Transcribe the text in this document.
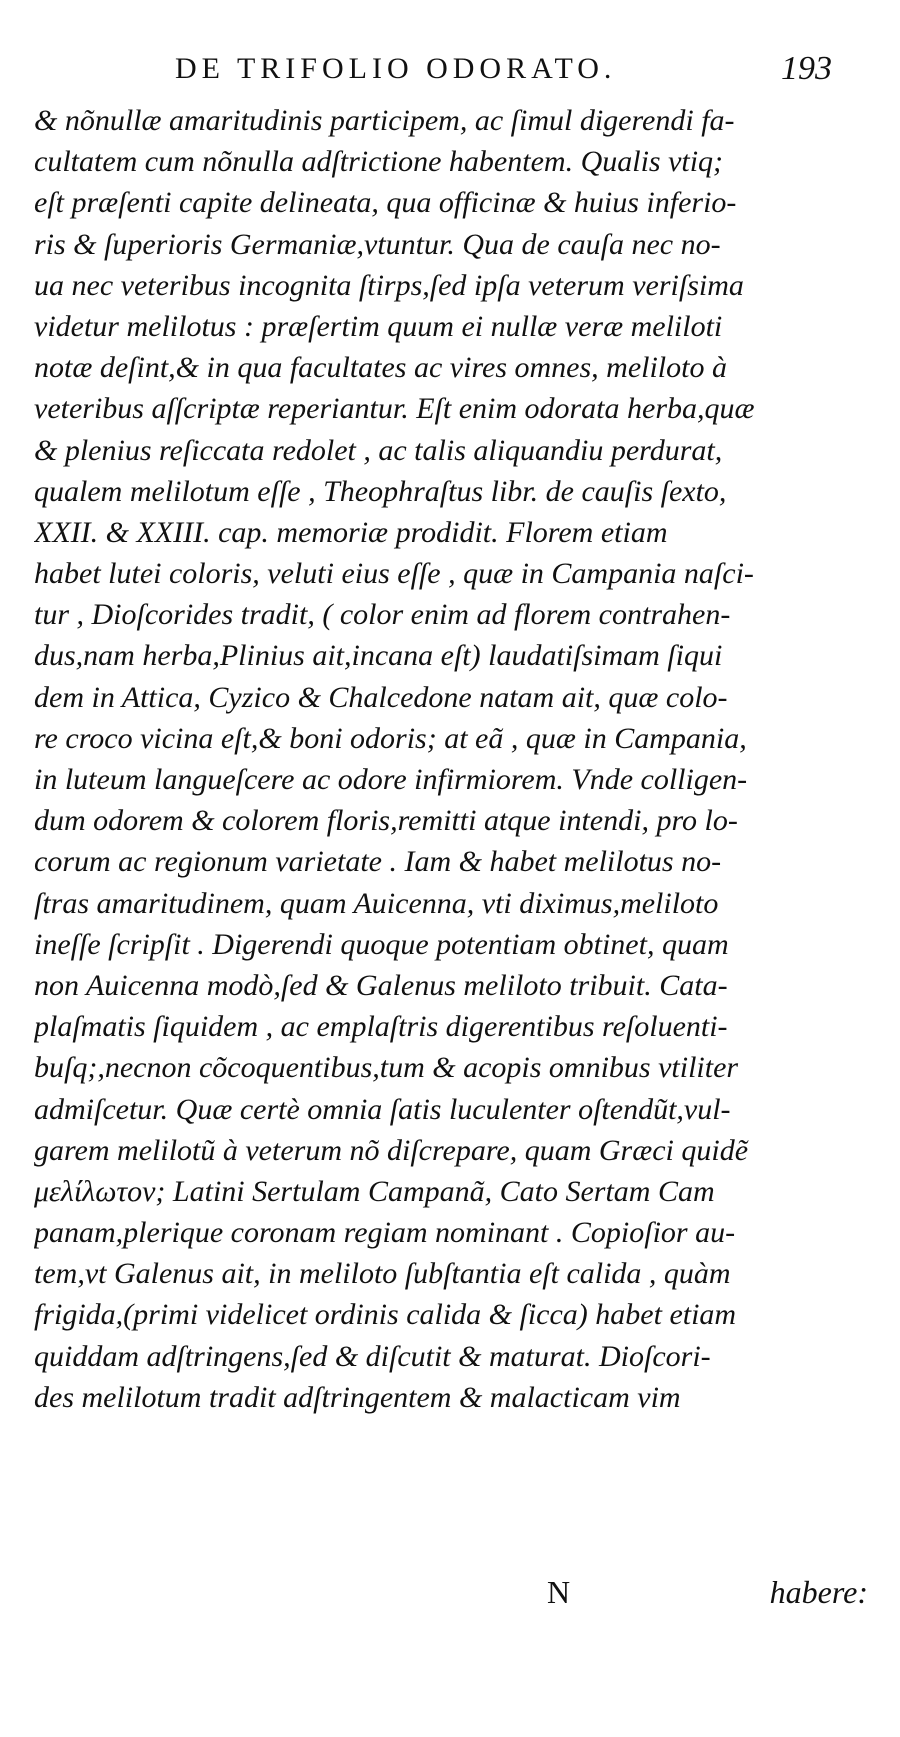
DE TRIFOLIO ODORATO.	193
& nõnullæ amaritudinis participem, ac ſimul digerendi fa-
cultatem cum nõnulla adſtrictione habentem. Qualis vtiq;
eſt præſenti capite delineata, qua officinæ & huius inferio-
ris & ſuperioris Germaniæ,vtuntur. Qua de cauſa nec no-
ua nec veteribus incognita ſtirps,ſed ipſa veterum veriſsima
videtur melilotus : præſertim quum ei nullæ veræ meliloti
notæ deſint,& in qua facultates ac vires omnes, meliloto à
veteribus aſſcriptæ reperiantur. Eſt enim odorata herba,quæ
& plenius reſiccata redolet , ac talis aliquandiu perdurat,
qualem melilotum eſſe , Theophraſtus libr. de cauſis ſexto,
XXII. & XXIII. cap. memoriæ prodidit. Florem etiam
habet lutei coloris, veluti eius eſſe , quæ in Campania naſci-
tur , Dioſcorides tradit, ( color enim ad florem contrahen-
dus,nam herba,Plinius ait,incana eſt) laudatiſsimam ſiqui
dem in Attica, Cyzico & Chalcedone natam ait, quæ colo-
re croco vicina eſt,& boni odoris; at eã , quæ in Campania,
in luteum langueſcere ac odore infirmiorem. Vnde colligen-
dum odorem & colorem floris,remitti atque intendi, pro lo-
corum ac regionum varietate . Iam & habet melilotus no-
ſtras amaritudinem, quam Auicenna, vti diximus,meliloto
ineſſe ſcripſit . Digerendi quoque potentiam obtinet, quam
non Auicenna modò,ſed & Galenus meliloto tribuit. Cata-
plaſmatis ſiquidem , ac emplaſtris digerentibus reſoluenti-
buſq;,necnon cõcoquentibus,tum & acopis omnibus vtiliter
admiſcetur. Quæ certè omnia ſatis luculenter oſtendũt,vul-
garem melilotũ à veterum nõ diſcrepare, quam Græci quidẽ
μελίλωτον; Latini Sertulam Campanã, Cato Sertam Cam
panam,plerique coronam regiam nominant . Copioſior au-
tem,vt Galenus ait, in meliloto ſubſtantia eſt calida , quàm
frigida,(primi videlicet ordinis calida & ſicca) habet etiam
quiddam adſtringens,ſed & diſcutit & maturat. Dioſcori-
des melilotum tradit adſtringentem & malacticam vim
N	habere:
